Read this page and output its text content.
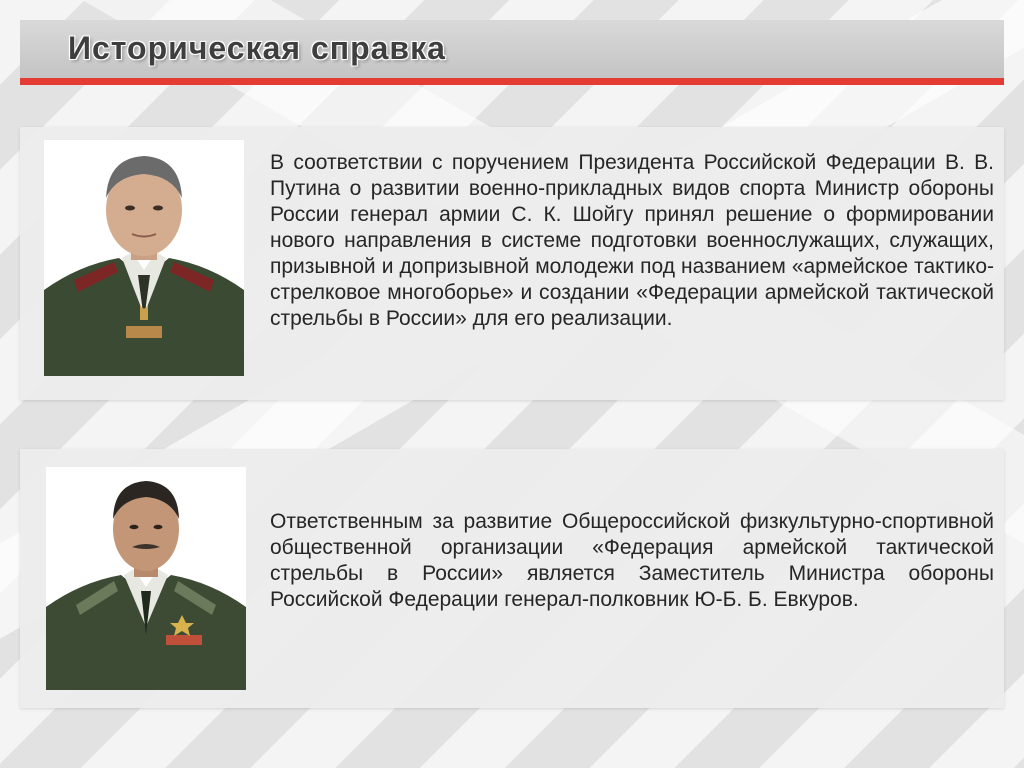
Историческая справка

В соответствии с поручением Президента Российской Федерации В. В. Путина о развитии военно-прикладных видов спорта Министр обороны России генерал армии С. К. Шойгу принял решение о формировании нового направления в системе подготовки военнослужащих, служащих, призывной и допризывной молодежи под названием «армейское тактико-стрелковое многоборье» и создании «Федерации армейской тактической стрельбы в России» для его реализации.

Ответственным за развитие Общероссийской физкультурно-спортивной общественной организации «Федерация армейской тактической стрельбы в России» является Заместитель Министра обороны Российской Федерации генерал-полковник Ю-Б. Б. Евкуров.
